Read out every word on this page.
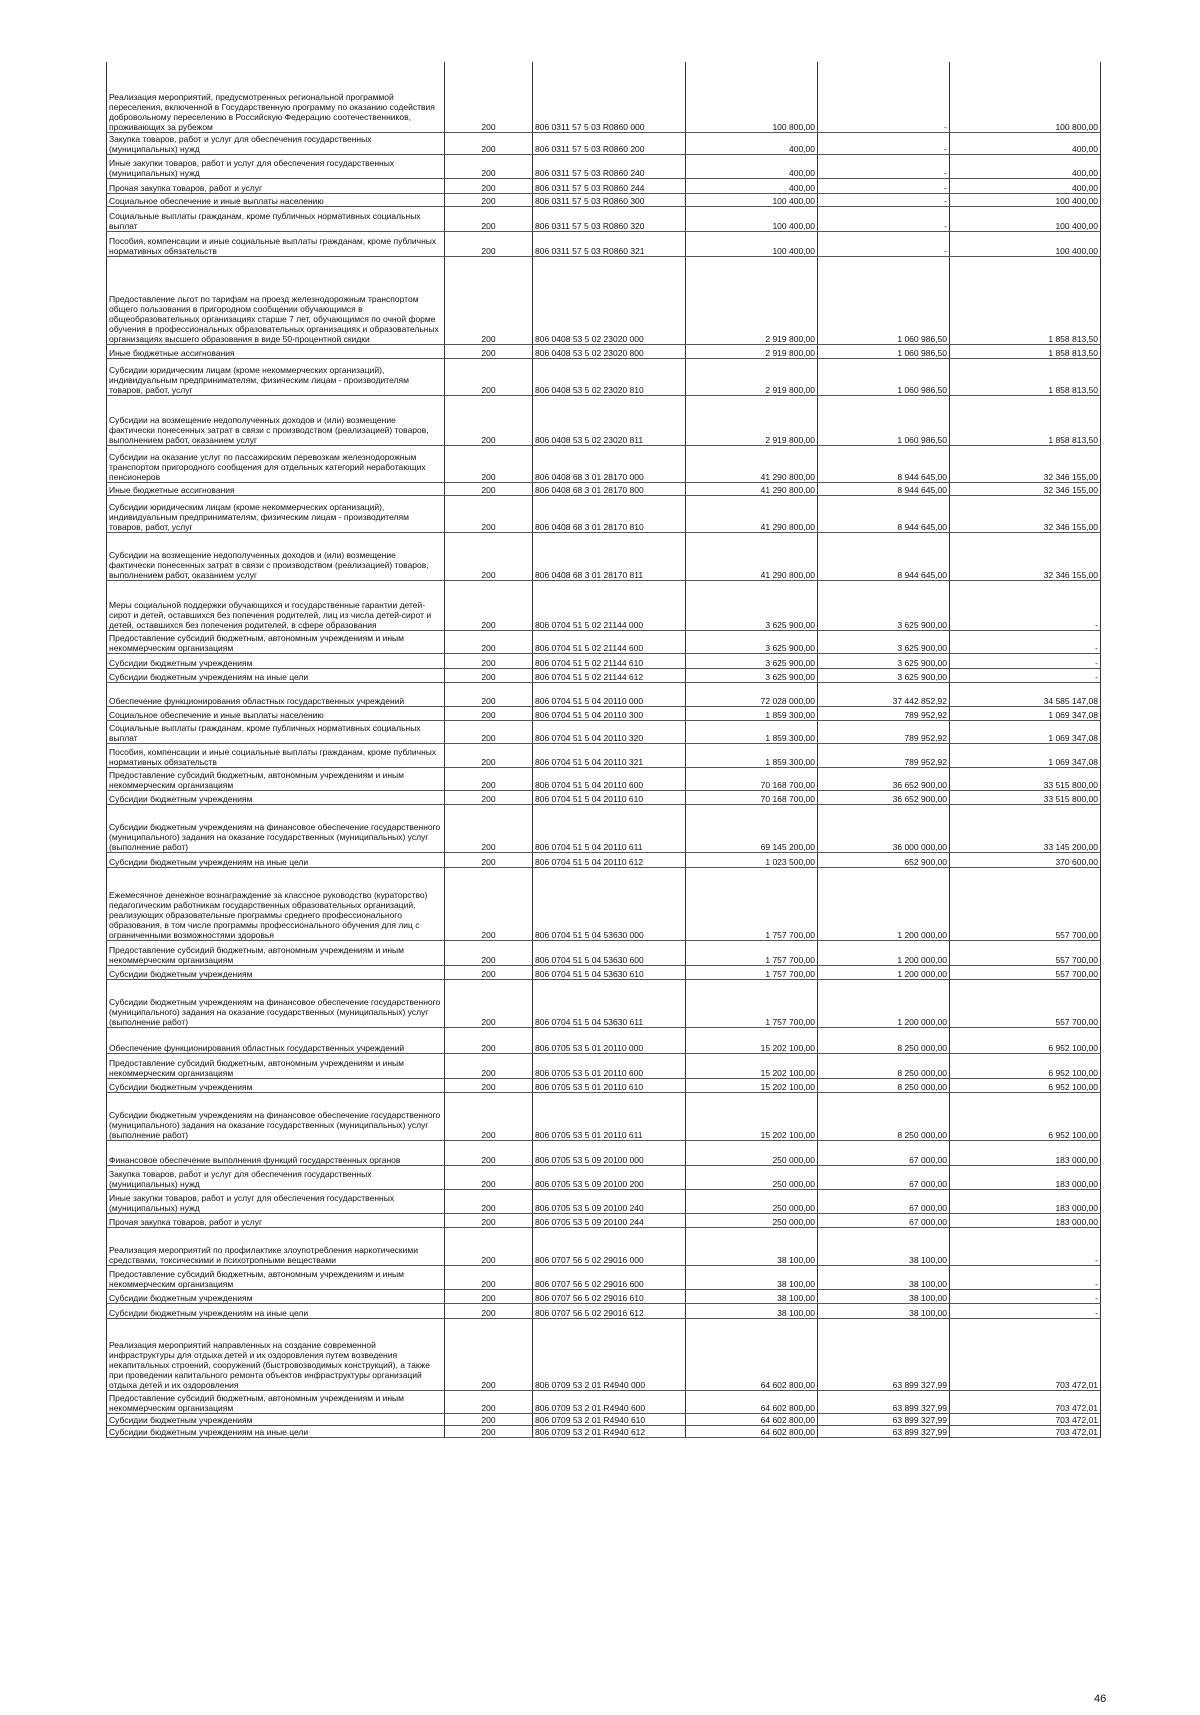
Реализация мероприятий, предусмотренных региональной программой переселения, включенной в Государственную программу по оказанию содействия добровольному переселению в Российскую Федерацию соотечественников, проживающих за рубежом	200	806 0311 57 5 03 R0860 000	100 800,00	-	100 800,00
Закупка товаров, работ и услуг для обеспечения государственных (муниципальных) нужд	200	806 0311 57 5 03 R0860 200	400,00	-	400,00
Иные закупки товаров, работ и услуг для обеспечения государственных (муниципальных) нужд	200	806 0311 57 5 03 R0860 240	400,00	-	400,00
Прочая закупка товаров, работ и услуг	200	806 0311 57 5 03 R0860 244	400,00	-	400,00
Социальное обеспечение и иные выплаты населению	200	806 0311 57 5 03 R0860 300	100 400,00	-	100 400,00
Социальные выплаты гражданам, кроме публичных нормативных социальных выплат	200	806 0311 57 5 03 R0860 320	100 400,00	-	100 400,00
Пособия, компенсации и иные социальные выплаты гражданам, кроме публичных нормативных обязательств	200	806 0311 57 5 03 R0860 321	100 400,00	-	100 400,00
Предоставление льгот по тарифам на проезд железнодорожным транспортом общего пользования в пригородном сообщении обучающимся в общеобразовательных организациях старше 7 лет, обучающимся по очной форме обучения в профессиональных образовательных организациях и образовательных организациях высшего образования в виде 50-процентной скидки	200	806 0408 53 5 02 23020 000	2 919 800,00	1 060 986,50	1 858 813,50
Иные бюджетные ассигнования	200	806 0408 53 5 02 23020 800	2 919 800,00	1 060 986,50	1 858 813,50
Субсидии юридическим лицам (кроме некоммерческих организаций), индивидуальным предпринимателям, физическим лицам - производителям товаров, работ, услуг	200	806 0408 53 5 02 23020 810	2 919 800,00	1 060 986,50	1 858 813,50
Субсидии на возмещение недополученных доходов и (или) возмещение фактически понесенных затрат в связи с производством (реализацией) товаров, выполнением работ, оказанием услуг	200	806 0408 53 5 02 23020 811	2 919 800,00	1 060 986,50	1 858 813,50
Субсидии на оказание услуг по пассажирским перевозкам железнодорожным транспортом пригородного сообщения для отдельных категорий неработающих пенсионеров	200	806 0408 68 3 01 28170 000	41 290 800,00	8 944 645,00	32 346 155,00
Иные бюджетные ассигнования	200	806 0408 68 3 01 28170 800	41 290 800,00	8 944 645,00	32 346 155,00
Субсидии юридическим лицам (кроме некоммерческих организаций), индивидуальным предпринимателям, физическим лицам - производителям товаров, работ, услуг	200	806 0408 68 3 01 28170 810	41 290 800,00	8 944 645,00	32 346 155,00
Субсидии на возмещение недополученных доходов и (или) возмещение фактически понесенных затрат в связи с производством (реализацией) товаров, выполнением работ, оказанием услуг	200	806 0408 68 3 01 28170 811	41 290 800,00	8 944 645,00	32 346 155,00
Меры социальной поддержки обучающихся и государственные гарантии детей-сирот и детей, оставшихся без попечения родителей, лиц из числа детей-сирот и детей, оставшихся без попечения родителей, в сфере образования	200	806 0704 51 5 02 21144 000	3 625 900,00	3 625 900,00	-
Предоставление субсидий бюджетным, автономным учреждениям и иным некоммерческим организациям	200	806 0704 51 5 02 21144 600	3 625 900,00	3 625 900,00	-
Субсидии бюджетным учреждениям	200	806 0704 51 5 02 21144 610	3 625 900,00	3 625 900,00	-
Субсидии бюджетным учреждениям на иные цели	200	806 0704 51 5 02 21144 612	3 625 900,00	3 625 900,00	-
Обеспечение функционирования областных государственных учреждений	200	806 0704 51 5 04 20110 000	72 028 000,00	37 442 852,92	34 585 147,08
Социальное обеспечение и иные выплаты населению	200	806 0704 51 5 04 20110 300	1 859 300,00	789 952,92	1 069 347,08
Социальные выплаты гражданам, кроме публичных нормативных социальных выплат	200	806 0704 51 5 04 20110 320	1 859 300,00	789 952,92	1 069 347,08
Пособия, компенсации и иные социальные выплаты гражданам, кроме публичных нормативных обязательств	200	806 0704 51 5 04 20110 321	1 859 300,00	789 952,92	1 069 347,08
Предоставление субсидий бюджетным, автономным учреждениям и иным некоммерческим организациям	200	806 0704 51 5 04 20110 600	70 168 700,00	36 652 900,00	33 515 800,00
Субсидии бюджетным учреждениям	200	806 0704 51 5 04 20110 610	70 168 700,00	36 652 900,00	33 515 800,00
Субсидии бюджетным учреждениям на финансовое обеспечение государственного (муниципального) задания на оказание государственных (муниципальных) услуг (выполнение работ)	200	806 0704 51 5 04 20110 611	69 145 200,00	36 000 000,00	33 145 200,00
Субсидии бюджетным учреждениям на иные цели	200	806 0704 51 5 04 20110 612	1 023 500,00	652 900,00	370 600,00
Ежемесячное денежное вознаграждение за классное руководство (кураторство) педагогическим работникам государственных образовательных организаций, реализующих образовательные программы среднего профессионального образования, в том числе программы профессионального обучения для лиц с ограниченными возможностями здоровья	200	806 0704 51 5 04 53630 000	1 757 700,00	1 200 000,00	557 700,00
Предоставление субсидий бюджетным, автономным учреждениям и иным некоммерческим организациям	200	806 0704 51 5 04 53630 600	1 757 700,00	1 200 000,00	557 700,00
Субсидии бюджетным учреждениям	200	806 0704 51 5 04 53630 610	1 757 700,00	1 200 000,00	557 700,00
Субсидии бюджетным учреждениям на финансовое обеспечение государственного (муниципального) задания на оказание государственных (муниципальных) услуг (выполнение работ)	200	806 0704 51 5 04 53630 611	1 757 700,00	1 200 000,00	557 700,00
Обеспечение функционирования областных государственных учреждений	200	806 0705 53 5 01 20110 000	15 202 100,00	8 250 000,00	6 952 100,00
Предоставление субсидий бюджетным, автономным учреждениям и иным некоммерческим организациям	200	806 0705 53 5 01 20110 600	15 202 100,00	8 250 000,00	6 952 100,00
Субсидии бюджетным учреждениям	200	806 0705 53 5 01 20110 610	15 202 100,00	8 250 000,00	6 952 100,00
Субсидии бюджетным учреждениям на финансовое обеспечение государственного (муниципального) задания на оказание государственных (муниципальных) услуг (выполнение работ)	200	806 0705 53 5 01 20110 611	15 202 100,00	8 250 000,00	6 952 100,00
Финансовое обеспечение выполнения функций государственных органов	200	806 0705 53 5 09 20100 000	250 000,00	67 000,00	183 000,00
Закупка товаров, работ и услуг для обеспечения государственных (муниципальных) нужд	200	806 0705 53 5 09 20100 200	250 000,00	67 000,00	183 000,00
Иные закупки товаров, работ и услуг для обеспечения государственных (муниципальных) нужд	200	806 0705 53 5 09 20100 240	250 000,00	67 000,00	183 000,00
Прочая закупка товаров, работ и услуг	200	806 0705 53 5 09 20100 244	250 000,00	67 000,00	183 000,00
Реализация мероприятий по профилактике злоупотребления наркотическими средствами, токсическими и психотропными веществами	200	806 0707 56 5 02 29016 000	38 100,00	38 100,00	-
Предоставление субсидий бюджетным, автономным учреждениям и иным некоммерческим организациям	200	806 0707 56 5 02 29016 600	38 100,00	38 100,00	-
Субсидии бюджетным учреждениям	200	806 0707 56 5 02 29016 610	38 100,00	38 100,00	-
Субсидии бюджетным учреждениям на иные цели	200	806 0707 56 5 02 29016 612	38 100,00	38 100,00	-
Реализация мероприятий направленных на создание современной инфраструктуры для отдыха детей и их оздоровления путем возведения некапитальных строений, сооружений (быстровозводимых конструкций), а также при проведении капитального ремонта объектов инфраструктуры организаций отдыха детей и их оздоровления	200	806 0709 53 2 01 R4940 000	64 602 800,00	63 899 327,99	703 472,01
Предоставление субсидий бюджетным, автономным учреждениям и иным некоммерческим организациям	200	806 0709 53 2 01 R4940 600	64 602 800,00	63 899 327,99	703 472,01
Субсидии бюджетным учреждениям	200	806 0709 53 2 01 R4940 610	64 602 800,00	63 899 327,99	703 472,01
Субсидии бюджетным учреждениям на иные цели	200	806 0709 53 2 01 R4940 612	64 602 800,00	63 899 327,99	703 472,01
46
